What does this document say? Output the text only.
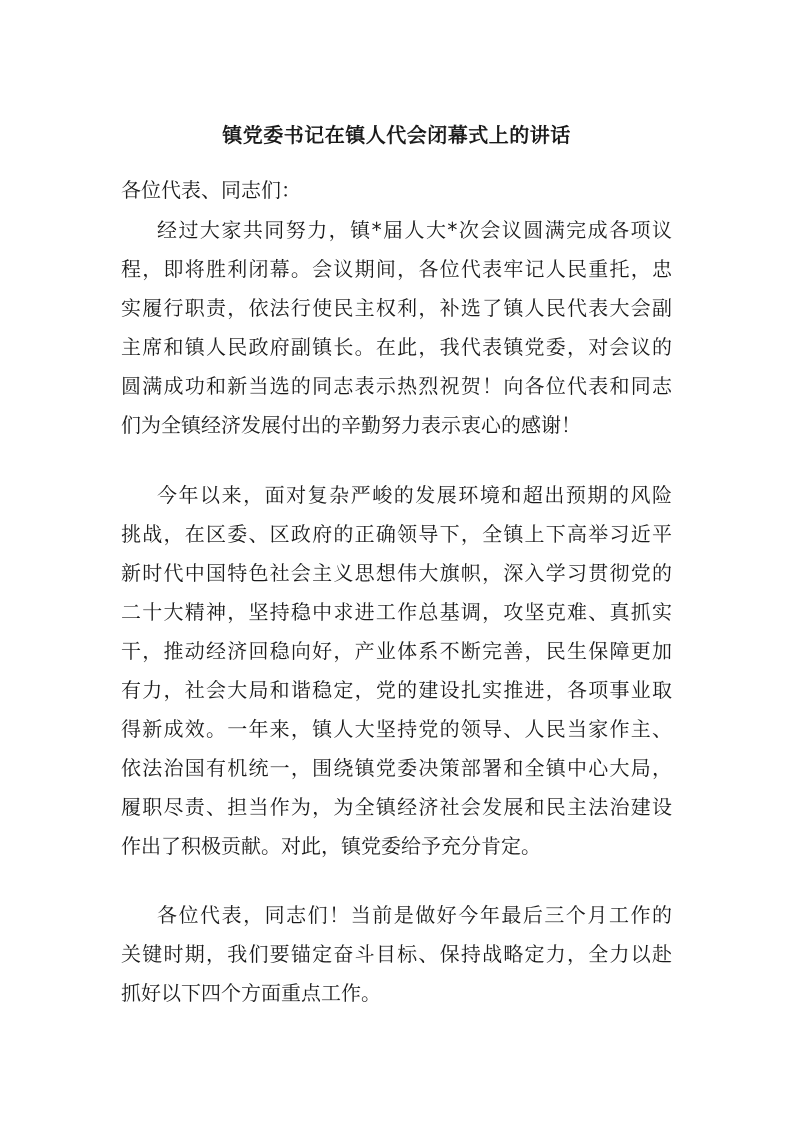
镇党委书记在镇人代会闭幕式上的讲话
各位代表、同志们：
经过大家共同努力，镇*届人大*次会议圆满完成各项议
程，即将胜利闭幕。会议期间，各位代表牢记人民重托，忠
实履行职责，依法行使民主权利，补选了镇人民代表大会副
主席和镇人民政府副镇长。在此，我代表镇党委，对会议的
圆满成功和新当选的同志表示热烈祝贺！向各位代表和同志
们为全镇经济发展付出的辛勤努力表示衷心的感谢！
今年以来，面对复杂严峻的发展环境和超出预期的风险
挑战，在区委、区政府的正确领导下，全镇上下高举习近平
新时代中国特色社会主义思想伟大旗帜，深入学习贯彻党的
二十大精神，坚持稳中求进工作总基调，攻坚克难、真抓实
干，推动经济回稳向好，产业体系不断完善，民生保障更加
有力，社会大局和谐稳定，党的建设扎实推进，各项事业取
得新成效。一年来，镇人大坚持党的领导、人民当家作主、
依法治国有机统一，围绕镇党委决策部署和全镇中心大局，
履职尽责、担当作为，为全镇经济社会发展和民主法治建设
作出了积极贡献。对此，镇党委给予充分肯定。
各位代表，同志们！当前是做好今年最后三个月工作的
关键时期，我们要锚定奋斗目标、保持战略定力，全力以赴
抓好以下四个方面重点工作。
